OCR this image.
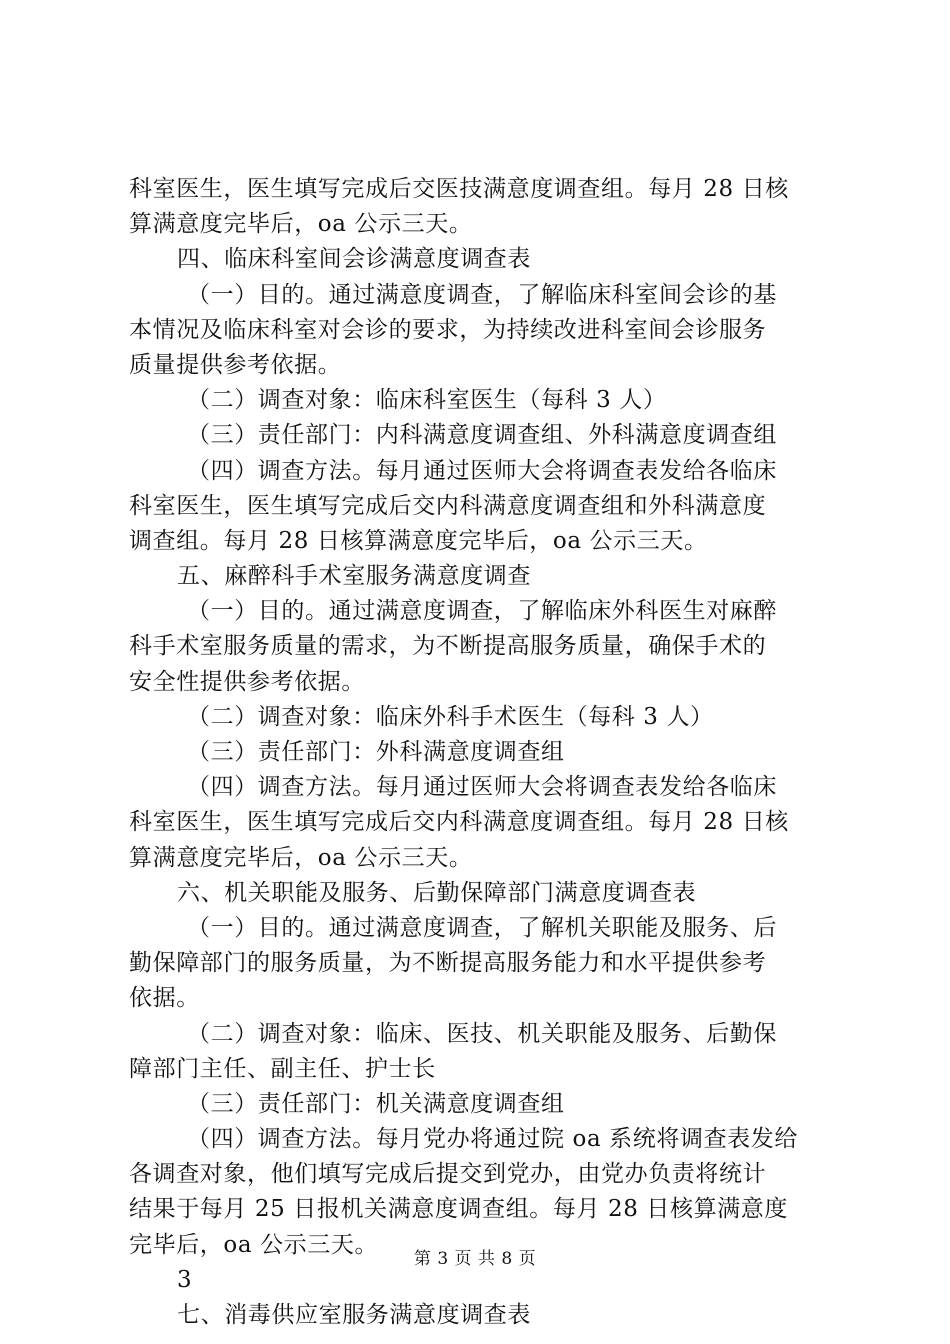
科室医生，医生填写完成后交医技满意度调查组。每月 28 日核
算满意度完毕后，oa 公示三天。
四、临床科室间会诊满意度调查表
（一）目的。通过满意度调查，了解临床科室间会诊的基
本情况及临床科室对会诊的要求，为持续改进科室间会诊服务
质量提供参考依据。
（二）调查对象：临床科室医生（每科 3 人）
（三）责任部门：内科满意度调查组、外科满意度调查组
（四）调查方法。每月通过医师大会将调查表发给各临床
科室医生，医生填写完成后交内科满意度调查组和外科满意度
调查组。每月 28 日核算满意度完毕后，oa 公示三天。
五、麻醉科手术室服务满意度调查
（一）目的。通过满意度调查，了解临床外科医生对麻醉
科手术室服务质量的需求，为不断提高服务质量，确保手术的
安全性提供参考依据。
（二）调查对象：临床外科手术医生（每科 3 人）
（三）责任部门：外科满意度调查组
（四）调查方法。每月通过医师大会将调查表发给各临床
科室医生，医生填写完成后交内科满意度调查组。每月 28 日核
算满意度完毕后，oa 公示三天。
六、机关职能及服务、后勤保障部门满意度调查表
（一）目的。通过满意度调查，了解机关职能及服务、后
勤保障部门的服务质量，为不断提高服务能力和水平提供参考
依据。
（二）调查对象：临床、医技、机关职能及服务、后勤保
障部门主任、副主任、护士长
（三）责任部门：机关满意度调查组
（四）调查方法。每月党办将通过院 oa 系统将调查表发给
各调查对象，他们填写完成后提交到党办，由党办负责将统计
结果于每月 25 日报机关满意度调查组。每月 28 日核算满意度
完毕后，oa 公示三天。
3
七、消毒供应室服务满意度调查表
第 3 页 共 8 页
